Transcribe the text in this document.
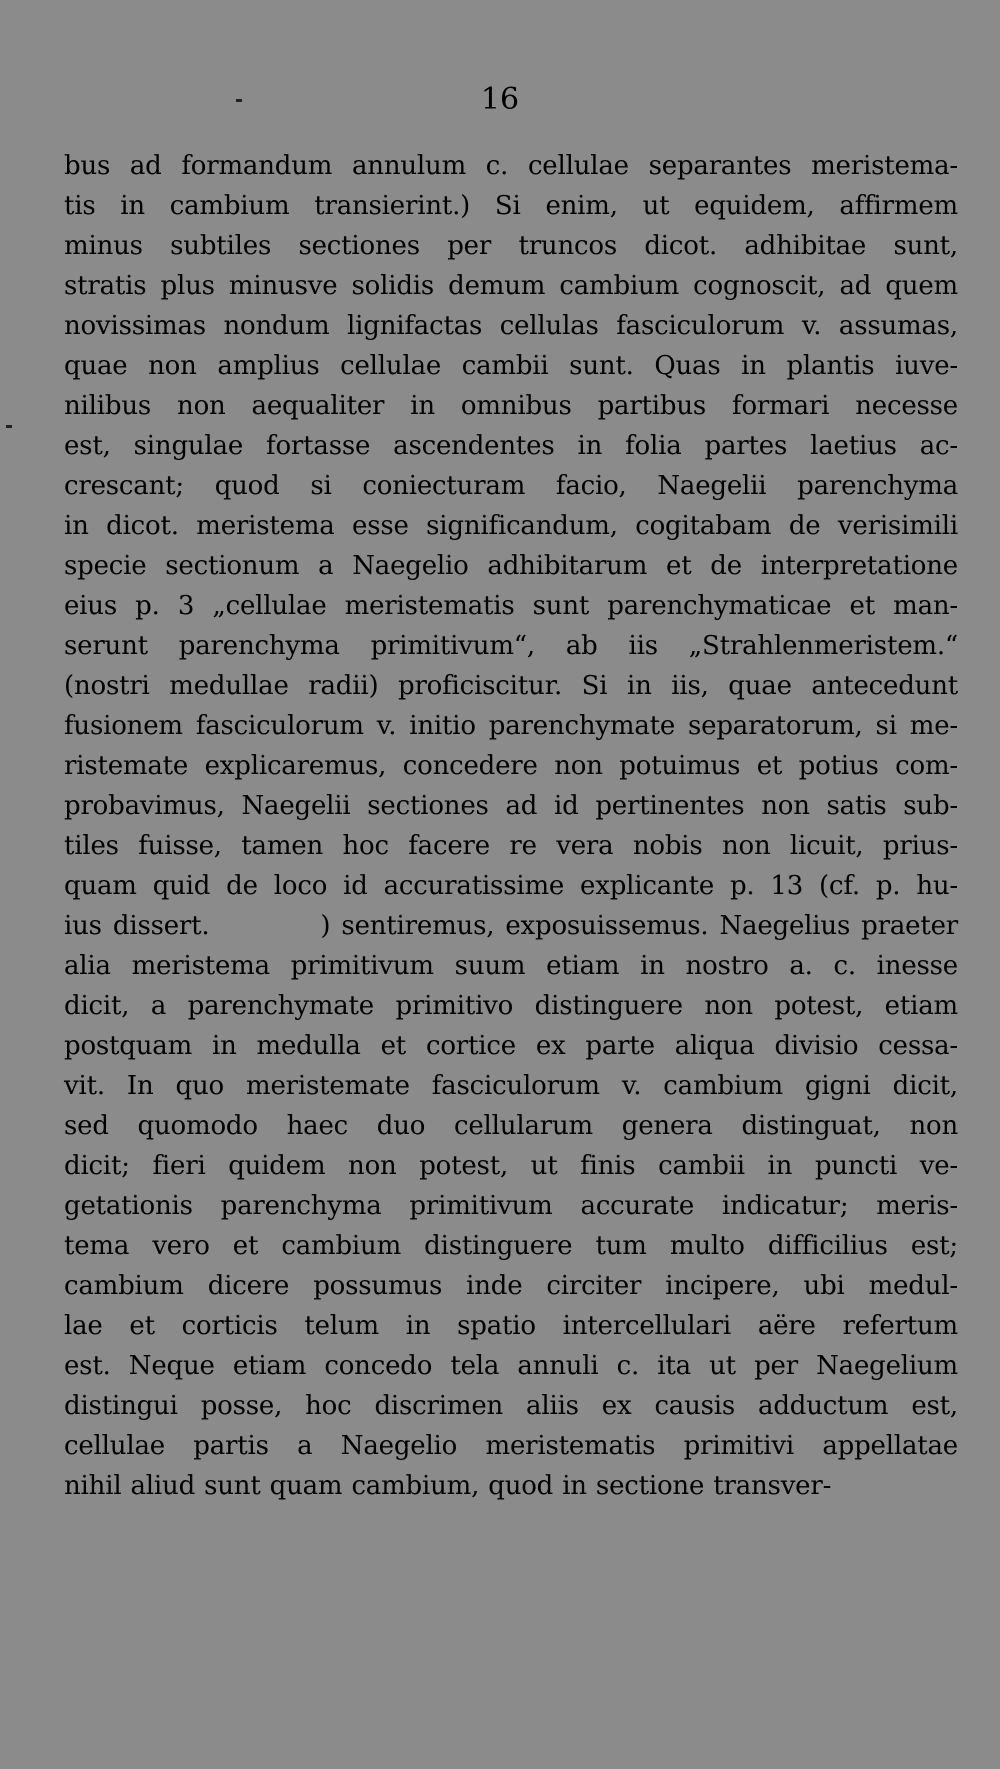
16
bus ad formandum annulum c. cellulae separantes meristema-
tis in cambium transierint.) Si enim, ut equidem, affirmem
minus subtiles sectiones per truncos dicot. adhibitae sunt,
stratis plus minusve solidis demum cambium cognoscit, ad quem
novissimas nondum lignifactas cellulas fasciculorum v. assumas,
quae non amplius cellulae cambii sunt. Quas in plantis iuve-
nilibus non aequaliter in omnibus partibus formari necesse
est, singulae fortasse ascendentes in folia partes laetius ac-
crescant; quod si coniecturam facio, Naegelii parenchyma
in dicot. meristema esse significandum, cogitabam de verisimili
specie sectionum a Naegelio adhibitarum et de interpretatione
eius p. 3 „cellulae meristematis sunt parenchymaticae et man-
serunt parenchyma primitivum“, ab iis „Strahlenmeristem.“
(nostri medullae radii) proficiscitur. Si in iis, quae antecedunt
fusionem fasciculorum v. initio parenchymate separatorum, si me-
ristemate explicaremus, concedere non potuimus et potius com-
probavimus, Naegelii sectiones ad id pertinentes non satis sub-
tiles fuisse, tamen hoc facere re vera nobis non licuit, prius-
quam quid de loco id accuratissime explicante p. 13 (cf. p. hu-
ius dissert.          ) sentiremus, exposuissemus. Naegelius praeter
alia meristema primitivum suum etiam in nostro a. c. inesse
dicit, a parenchymate primitivo distinguere non potest, etiam
postquam in medulla et cortice ex parte aliqua divisio cessa-
vit. In quo meristemate fasciculorum v. cambium gigni dicit,
sed quomodo haec duo cellularum genera distinguat, non
dicit; fieri quidem non potest, ut finis cambii in puncti ve-
getationis parenchyma primitivum accurate indicatur; meris-
tema vero et cambium distinguere tum multo difficilius est;
cambium dicere possumus inde circiter incipere, ubi medul-
lae et corticis telum in spatio intercellulari aëre refertum
est. Neque etiam concedo tela annuli c. ita ut per Naegelium
distingui posse, hoc discrimen aliis ex causis adductum est,
cellulae partis a Naegelio meristematis primitivi appellatae
nihil aliud sunt quam cambium, quod in sectione transver-
